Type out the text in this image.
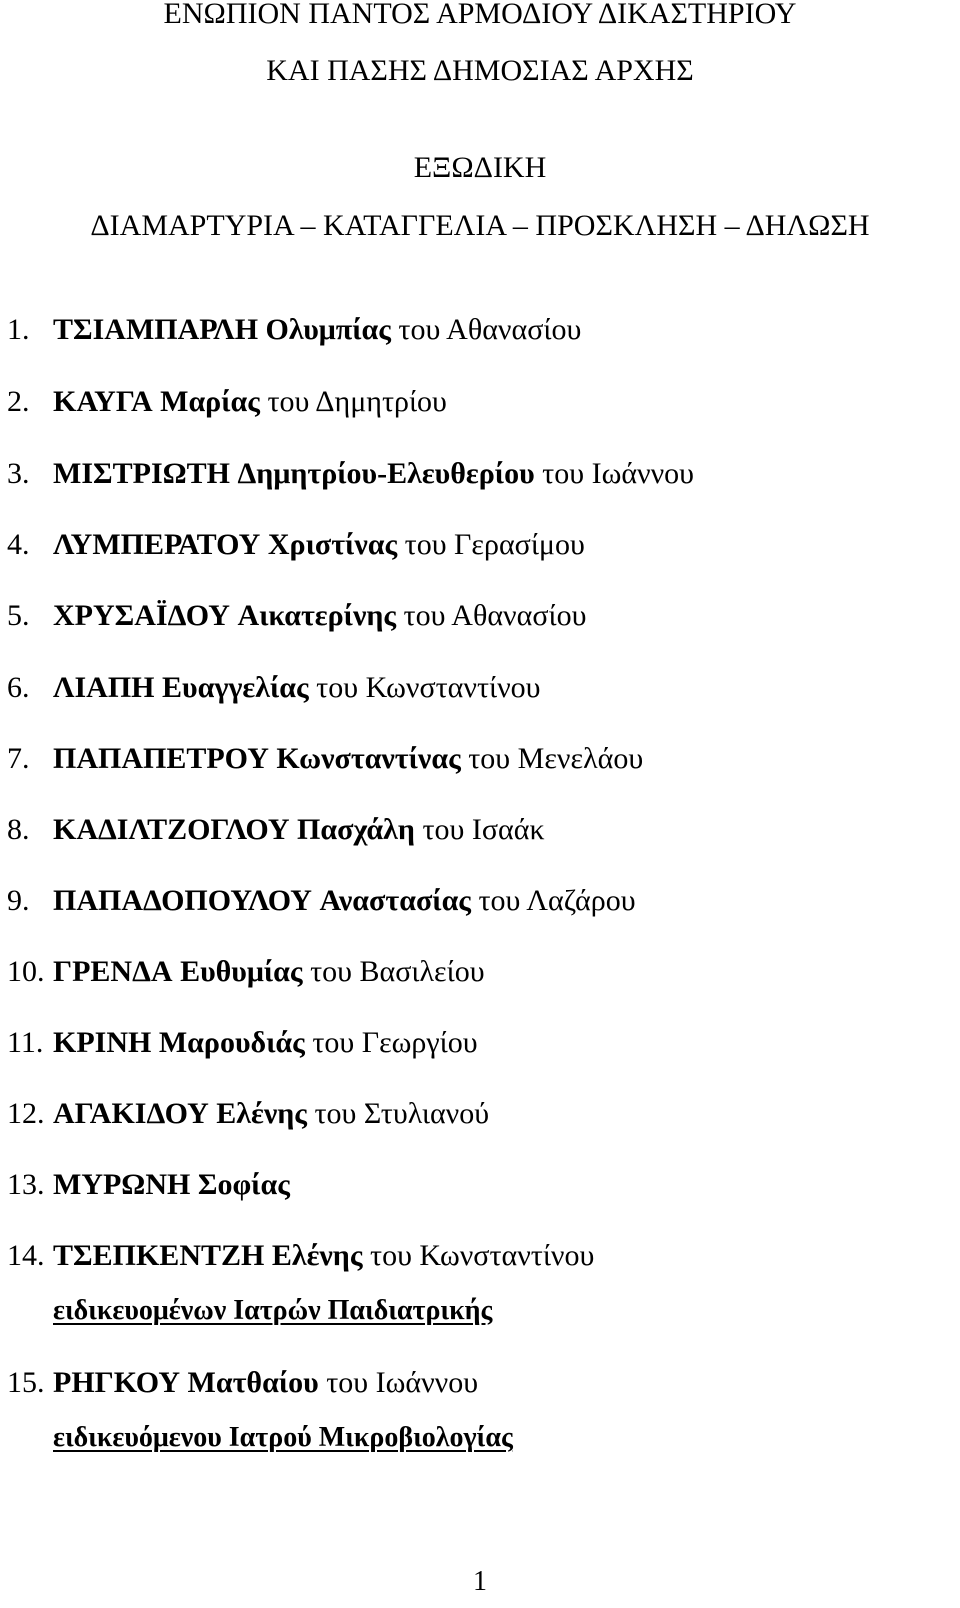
ΕΝΩΠΙΟΝ ΠΑΝΤΟΣ ΑΡΜΟΔΙΟΥ ΔΙΚΑΣΤΗΡΙΟΥ
ΚΑΙ ΠΑΣΗΣ ΔΗΜΟΣΙΑΣ ΑΡΧΗΣ
ΕΞΩΔΙΚΗ
ΔΙΑΜΑΡΤΥΡΙΑ – ΚΑΤΑΓΓΕΛΙΑ – ΠΡΟΣΚΛΗΣΗ – ΔΗΛΩΣΗ
1. ΤΣΙΑΜΠΑΡΛΗ Ολυμπίας του Αθανασίου
2. ΚΑΥΓΑ Μαρίας του Δημητρίου
3. ΜΙΣΤΡΙΩΤΗ Δημητρίου-Ελευθερίου του Ιωάννου
4. ΛΥΜΠΕΡΑΤΟΥ Χριστίνας του Γερασίμου
5. ΧΡΥΣΑΪΔΟΥ Αικατερίνης του Αθανασίου
6. ΛΙΑΠΗ Ευαγγελίας του Κωνσταντίνου
7. ΠΑΠΑΠΕΤΡΟΥ Κωνσταντίνας του Μενελάου
8. ΚΑΔΙΛΤΖΟΓΛΟΥ Πασχάλη του Ισαάκ
9. ΠΑΠΑΔΟΠΟΥΛΟΥ Αναστασίας του Λαζάρου
10. ΓΡΕΝΔΑ Ευθυμίας του Βασιλείου
11. ΚΡΙΝΗ Μαρουδιάς του Γεωργίου
12. ΑΓΑΚΙΔΟΥ Ελένης του Στυλιανού
13. ΜΥΡΩΝΗ Σοφίας
14. ΤΣΕΠΚΕΝΤΖΗ Ελένης του Κωνσταντίνου
ειδικευομένων Ιατρών Παιδιατρικής
15. ΡΗΓΚΟΥ Ματθαίου του Ιωάννου
ειδικευόμενου Ιατρού Μικροβιολογίας
1
